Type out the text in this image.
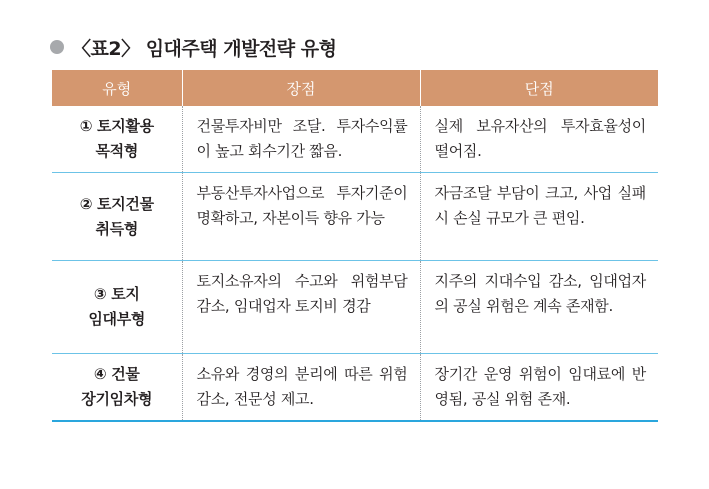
〈표2〉 임대주택 개발전략 유형
유형	장점	단점
① 토지활용
목적형	건물투자비만 조달. 투자수익률이 높고 회수기간 짧음.	실제 보유자산의 투자효율성이 떨어짐.
② 토지건물
취득형	부동산투자사업으로 투자기준이 명확하고, 자본이득 향유 가능	자금조달 부담이 크고, 사업 실패 시 손실 규모가 큰 편임.
③ 토지
임대부형	토지소유자의 수고와 위험부담 감소, 임대업자 토지비 경감	지주의 지대수입 감소, 임대업자의 공실 위험은 계속 존재함.
④ 건물
장기임차형	소유와 경영의 분리에 따른 위험 감소, 전문성 제고.	장기간 운영 위험이 임대료에 반영됨, 공실 위험 존재.
